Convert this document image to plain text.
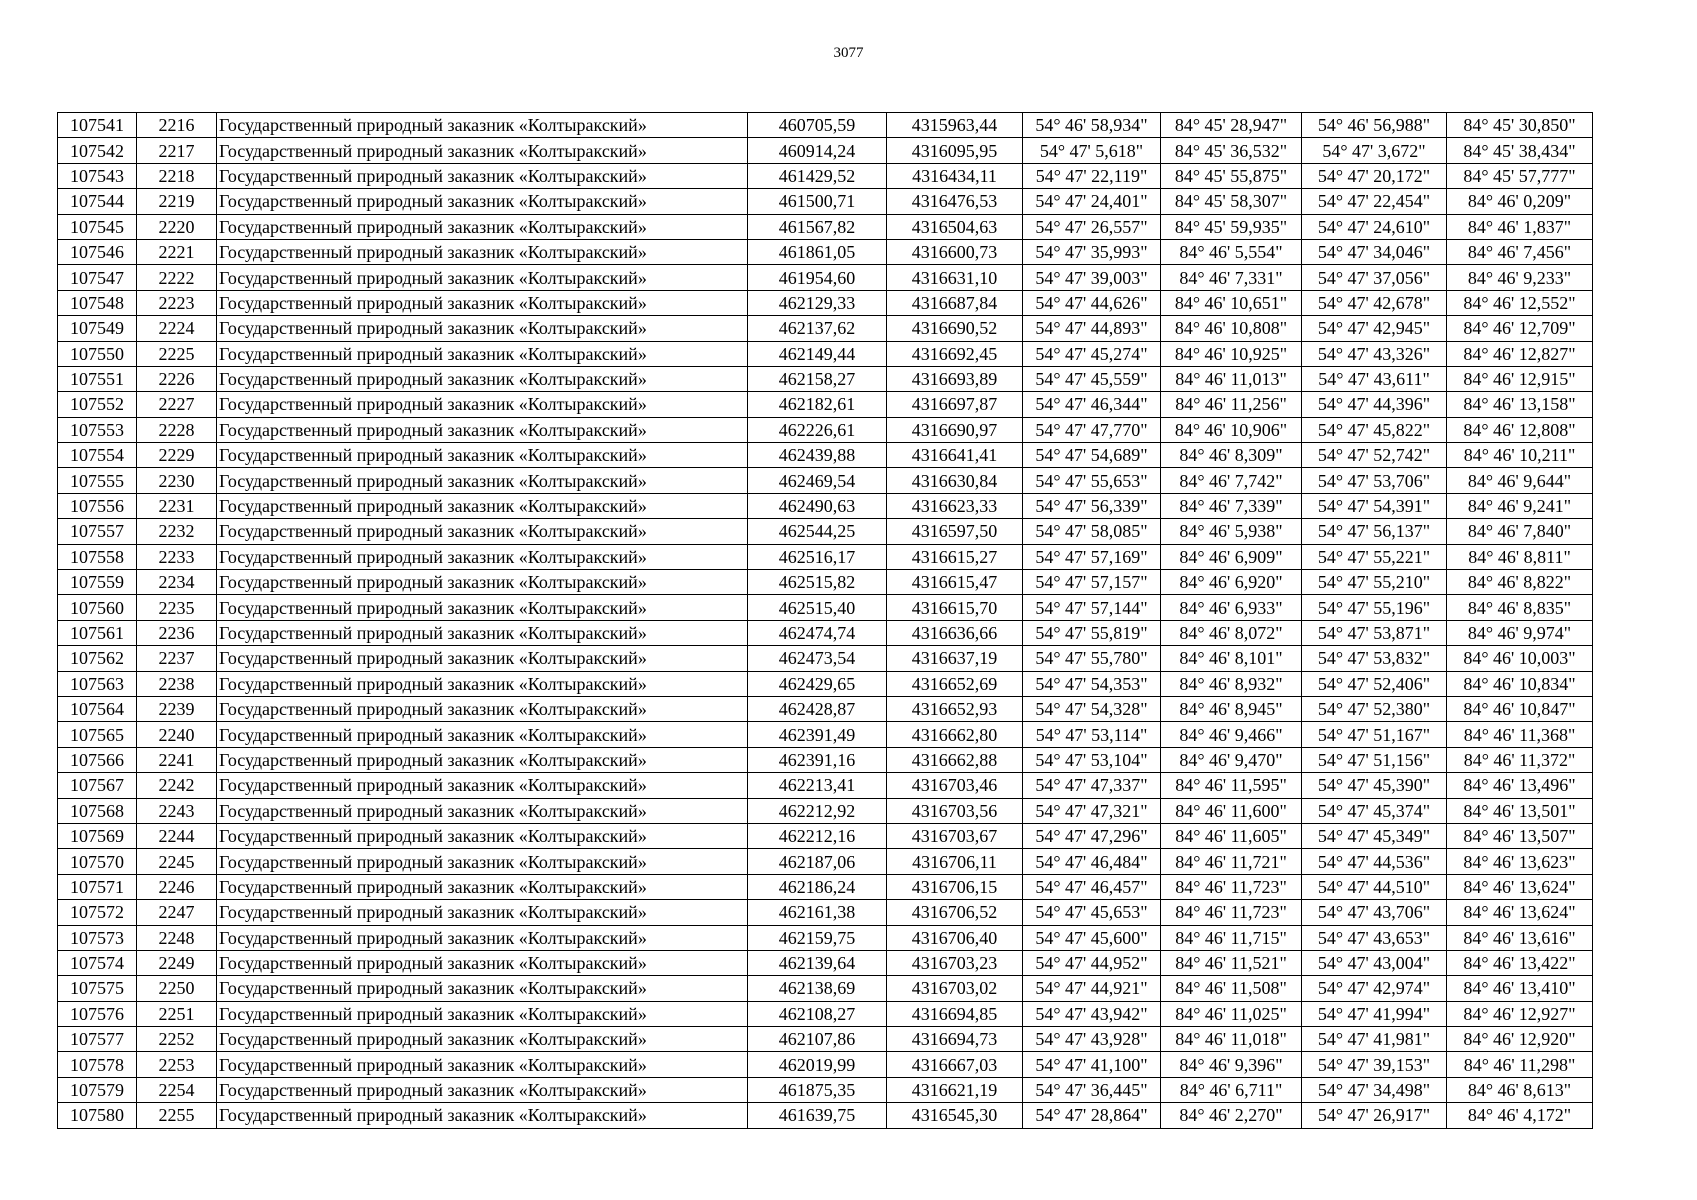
3077
107541	2216	Государственный природный заказник «Колтыракский»	460705,59	4315963,44	54° 46' 58,934"	84° 45' 28,947"	54° 46' 56,988"	84° 45' 30,850"
107542	2217	Государственный природный заказник «Колтыракский»	460914,24	4316095,95	54° 47' 5,618"	84° 45' 36,532"	54° 47' 3,672"	84° 45' 38,434"
107543	2218	Государственный природный заказник «Колтыракский»	461429,52	4316434,11	54° 47' 22,119"	84° 45' 55,875"	54° 47' 20,172"	84° 45' 57,777"
107544	2219	Государственный природный заказник «Колтыракский»	461500,71	4316476,53	54° 47' 24,401"	84° 45' 58,307"	54° 47' 22,454"	84° 46' 0,209"
107545	2220	Государственный природный заказник «Колтыракский»	461567,82	4316504,63	54° 47' 26,557"	84° 45' 59,935"	54° 47' 24,610"	84° 46' 1,837"
107546	2221	Государственный природный заказник «Колтыракский»	461861,05	4316600,73	54° 47' 35,993"	84° 46' 5,554"	54° 47' 34,046"	84° 46' 7,456"
107547	2222	Государственный природный заказник «Колтыракский»	461954,60	4316631,10	54° 47' 39,003"	84° 46' 7,331"	54° 47' 37,056"	84° 46' 9,233"
107548	2223	Государственный природный заказник «Колтыракский»	462129,33	4316687,84	54° 47' 44,626"	84° 46' 10,651"	54° 47' 42,678"	84° 46' 12,552"
107549	2224	Государственный природный заказник «Колтыракский»	462137,62	4316690,52	54° 47' 44,893"	84° 46' 10,808"	54° 47' 42,945"	84° 46' 12,709"
107550	2225	Государственный природный заказник «Колтыракский»	462149,44	4316692,45	54° 47' 45,274"	84° 46' 10,925"	54° 47' 43,326"	84° 46' 12,827"
107551	2226	Государственный природный заказник «Колтыракский»	462158,27	4316693,89	54° 47' 45,559"	84° 46' 11,013"	54° 47' 43,611"	84° 46' 12,915"
107552	2227	Государственный природный заказник «Колтыракский»	462182,61	4316697,87	54° 47' 46,344"	84° 46' 11,256"	54° 47' 44,396"	84° 46' 13,158"
107553	2228	Государственный природный заказник «Колтыракский»	462226,61	4316690,97	54° 47' 47,770"	84° 46' 10,906"	54° 47' 45,822"	84° 46' 12,808"
107554	2229	Государственный природный заказник «Колтыракский»	462439,88	4316641,41	54° 47' 54,689"	84° 46' 8,309"	54° 47' 52,742"	84° 46' 10,211"
107555	2230	Государственный природный заказник «Колтыракский»	462469,54	4316630,84	54° 47' 55,653"	84° 46' 7,742"	54° 47' 53,706"	84° 46' 9,644"
107556	2231	Государственный природный заказник «Колтыракский»	462490,63	4316623,33	54° 47' 56,339"	84° 46' 7,339"	54° 47' 54,391"	84° 46' 9,241"
107557	2232	Государственный природный заказник «Колтыракский»	462544,25	4316597,50	54° 47' 58,085"	84° 46' 5,938"	54° 47' 56,137"	84° 46' 7,840"
107558	2233	Государственный природный заказник «Колтыракский»	462516,17	4316615,27	54° 47' 57,169"	84° 46' 6,909"	54° 47' 55,221"	84° 46' 8,811"
107559	2234	Государственный природный заказник «Колтыракский»	462515,82	4316615,47	54° 47' 57,157"	84° 46' 6,920"	54° 47' 55,210"	84° 46' 8,822"
107560	2235	Государственный природный заказник «Колтыракский»	462515,40	4316615,70	54° 47' 57,144"	84° 46' 6,933"	54° 47' 55,196"	84° 46' 8,835"
107561	2236	Государственный природный заказник «Колтыракский»	462474,74	4316636,66	54° 47' 55,819"	84° 46' 8,072"	54° 47' 53,871"	84° 46' 9,974"
107562	2237	Государственный природный заказник «Колтыракский»	462473,54	4316637,19	54° 47' 55,780"	84° 46' 8,101"	54° 47' 53,832"	84° 46' 10,003"
107563	2238	Государственный природный заказник «Колтыракский»	462429,65	4316652,69	54° 47' 54,353"	84° 46' 8,932"	54° 47' 52,406"	84° 46' 10,834"
107564	2239	Государственный природный заказник «Колтыракский»	462428,87	4316652,93	54° 47' 54,328"	84° 46' 8,945"	54° 47' 52,380"	84° 46' 10,847"
107565	2240	Государственный природный заказник «Колтыракский»	462391,49	4316662,80	54° 47' 53,114"	84° 46' 9,466"	54° 47' 51,167"	84° 46' 11,368"
107566	2241	Государственный природный заказник «Колтыракский»	462391,16	4316662,88	54° 47' 53,104"	84° 46' 9,470"	54° 47' 51,156"	84° 46' 11,372"
107567	2242	Государственный природный заказник «Колтыракский»	462213,41	4316703,46	54° 47' 47,337"	84° 46' 11,595"	54° 47' 45,390"	84° 46' 13,496"
107568	2243	Государственный природный заказник «Колтыракский»	462212,92	4316703,56	54° 47' 47,321"	84° 46' 11,600"	54° 47' 45,374"	84° 46' 13,501"
107569	2244	Государственный природный заказник «Колтыракский»	462212,16	4316703,67	54° 47' 47,296"	84° 46' 11,605"	54° 47' 45,349"	84° 46' 13,507"
107570	2245	Государственный природный заказник «Колтыракский»	462187,06	4316706,11	54° 47' 46,484"	84° 46' 11,721"	54° 47' 44,536"	84° 46' 13,623"
107571	2246	Государственный природный заказник «Колтыракский»	462186,24	4316706,15	54° 47' 46,457"	84° 46' 11,723"	54° 47' 44,510"	84° 46' 13,624"
107572	2247	Государственный природный заказник «Колтыракский»	462161,38	4316706,52	54° 47' 45,653"	84° 46' 11,723"	54° 47' 43,706"	84° 46' 13,624"
107573	2248	Государственный природный заказник «Колтыракский»	462159,75	4316706,40	54° 47' 45,600"	84° 46' 11,715"	54° 47' 43,653"	84° 46' 13,616"
107574	2249	Государственный природный заказник «Колтыракский»	462139,64	4316703,23	54° 47' 44,952"	84° 46' 11,521"	54° 47' 43,004"	84° 46' 13,422"
107575	2250	Государственный природный заказник «Колтыракский»	462138,69	4316703,02	54° 47' 44,921"	84° 46' 11,508"	54° 47' 42,974"	84° 46' 13,410"
107576	2251	Государственный природный заказник «Колтыракский»	462108,27	4316694,85	54° 47' 43,942"	84° 46' 11,025"	54° 47' 41,994"	84° 46' 12,927"
107577	2252	Государственный природный заказник «Колтыракский»	462107,86	4316694,73	54° 47' 43,928"	84° 46' 11,018"	54° 47' 41,981"	84° 46' 12,920"
107578	2253	Государственный природный заказник «Колтыракский»	462019,99	4316667,03	54° 47' 41,100"	84° 46' 9,396"	54° 47' 39,153"	84° 46' 11,298"
107579	2254	Государственный природный заказник «Колтыракский»	461875,35	4316621,19	54° 47' 36,445"	84° 46' 6,711"	54° 47' 34,498"	84° 46' 8,613"
107580	2255	Государственный природный заказник «Колтыракский»	461639,75	4316545,30	54° 47' 28,864"	84° 46' 2,270"	54° 47' 26,917"	84° 46' 4,172"
